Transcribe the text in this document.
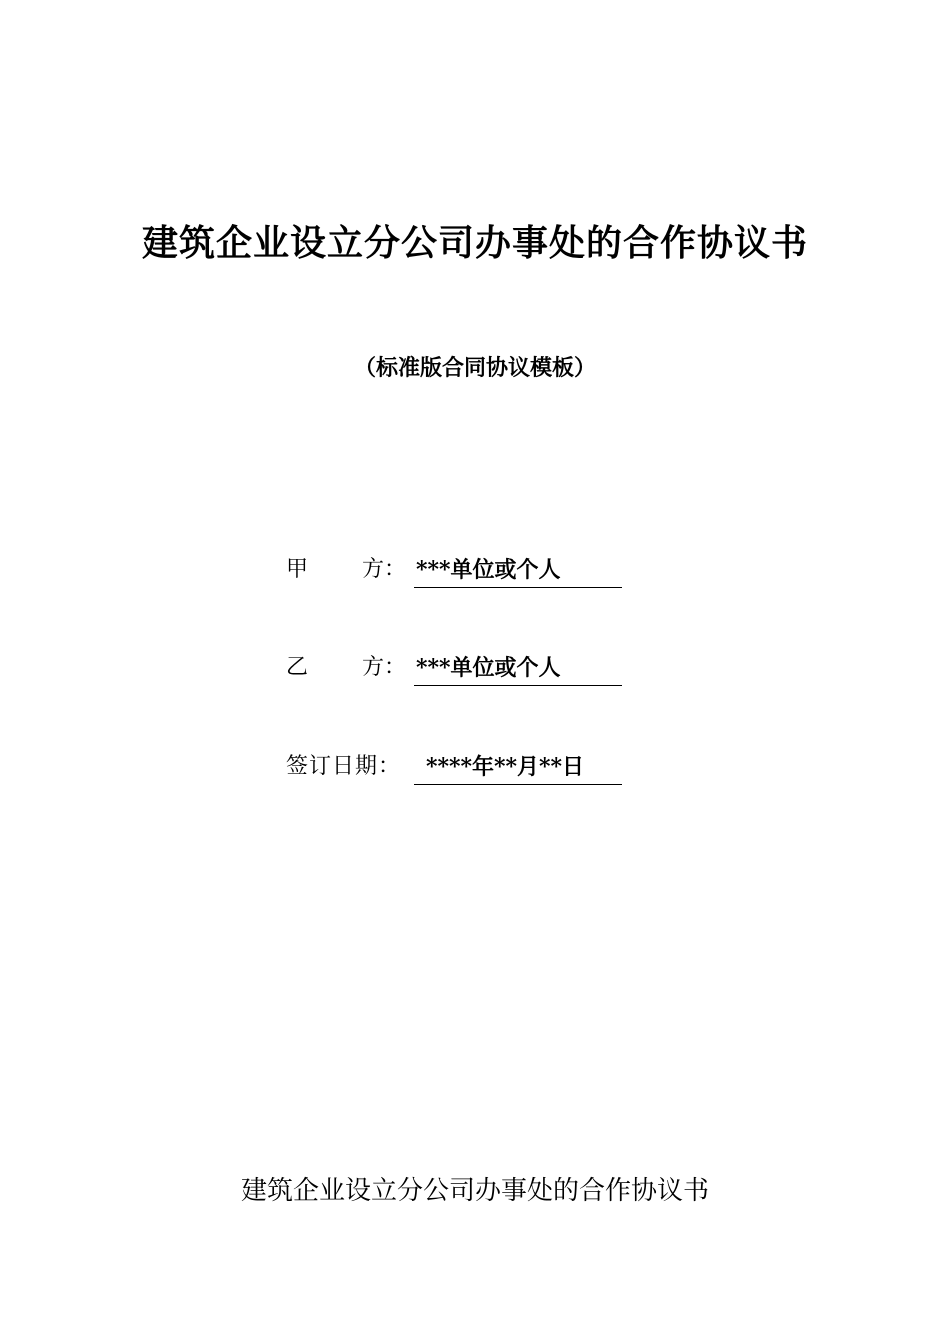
建筑企业设立分公司办事处的合作协议书
（标准版合同协议模板）
甲 方： ***单位或个人
乙 方： ***单位或个人
签订日期： ****年**月**日
建筑企业设立分公司办事处的合作协议书
